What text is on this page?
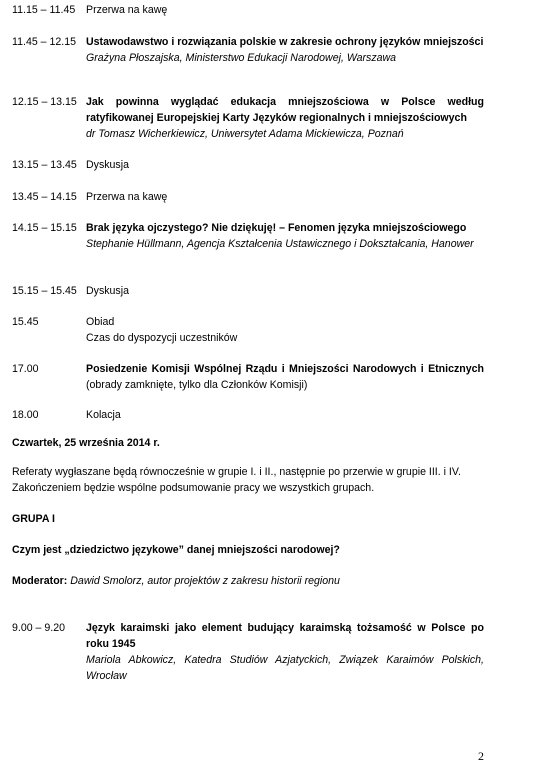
11.15 – 11.45	Przerwa na kawę
11.45 – 12.15 Ustawodawstwo i rozwiązania polskie w zakresie ochrony języków mniejszości
Grażyna Płoszajska, Ministerstwo Edukacji Narodowej, Warszawa
12.15 – 13.15 Jak powinna wyglądać edukacja mniejszościowa w Polsce według ratyfikowanej Europejskiej Karty Języków regionalnych i mniejszościowych
dr Tomasz Wicherkiewicz, Uniwersytet Adama Mickiewicza, Poznań
13.15 – 13.45 Dyskusja
13.45 – 14.15 Przerwa na kawę
14.15 – 15.15 Brak języka ojczystego? Nie dziękuję! – Fenomen języka mniejszościowego
Stephanie Hüllmann, Agencja Kształcenia Ustawicznego i Dokształcania, Hanower
15.15 – 15.45 Dyskusja
15.45	Obiad
Czas do dyspozycji uczestników
17.00	Posiedzenie Komisji Wspólnej Rządu i Mniejszości Narodowych i Etnicznych (obrady zamknięte, tylko dla Członków Komisji)
18.00	Kolacja
Czwartek, 25 września 2014 r.
Referaty wygłaszane będą równocześnie w grupie I. i II., następnie po przerwie w grupie III. i IV. Zakończeniem będzie wspólne podsumowanie pracy we wszystkich grupach.
GRUPA I
Czym jest „dziedzictwo językowe” danej mniejszości narodowej?
Moderator: Dawid Smolorz, autor projektów z zakresu historii regionu
9.00 – 9.20	Język karaimski jako element budujący karaimską tożsamość w Polsce po roku 1945
Mariola Abkowicz, Katedra Studiów Azjatyckich, Związek Karaimów Polskich, Wrocław
2
